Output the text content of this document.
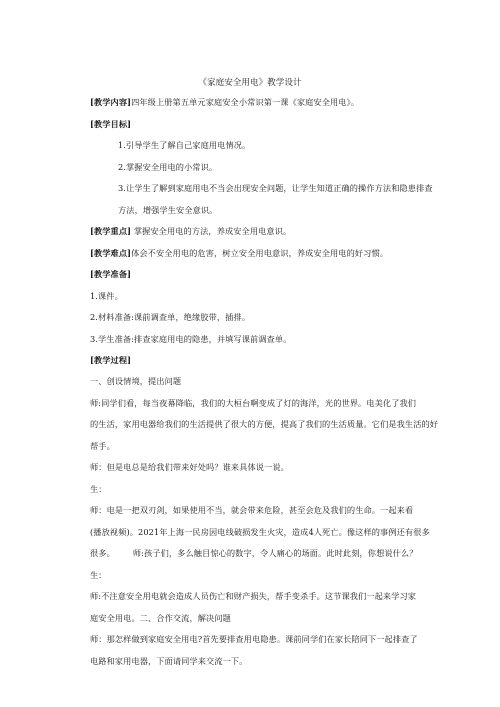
《家庭安全用电》教学设计
[教学内容]四年级上册第五单元家庭安全小常识第一课《家庭安全用电》。
[教学目标]
1.引导学生了解自己家庭用电情况。
2.掌握安全用电的小常识。
3.让学生了解到家庭用电不当会出现安全问题，让学生知道正确的操作方法和隐患排查
方法，增强学生安全意识。
[教学重点] 掌握安全用电的方法，养成安全用电意识。
[教学难点]体会不安全用电的危害，树立安全用电意识，养成安全用电的好习惯。
[教学准备]
1.课件。
2.材料准备:课前调查单，绝缘胶带，插排。
3.学生准备:排查家庭用电的隐患，并填写课前调查单。
[教学过程]
一、创设情境，提出问题
师:同学们看，每当夜幕降临，我们的大桓台啊变成了灯的海洋，光的世界。电美化了我们
的生活，家用电器给我们的生活提供了很大的方便，提高了我们的生活质量。它们是我生活的好
帮手。
师：但是电总是给我们带来好处吗？谁来具体说一说。
生：
师：电是一把双刃剑，如果使用不当，就会带来危险，甚至会危及我们的生命。一起来看
(播放视频)。2021年上海一民房因电线破损发生火灾，造成4人死亡。像这样的事例还有很多
很多。 师:孩子们，多么触目惊心的数字，令人痛心的场面。此时此刻，你想说什么？
生：
师:不注意安全用电就会造成人员伤亡和财产损失，帮手变杀手。这节课我们一起来学习家
庭安全用电。二、合作交流，解决问题
师：那怎样做到家庭安全用电?首先要排查用电隐患。课前同学们在家长陪同下一起排查了
电路和家用电器，下面请同学来交流一下。
